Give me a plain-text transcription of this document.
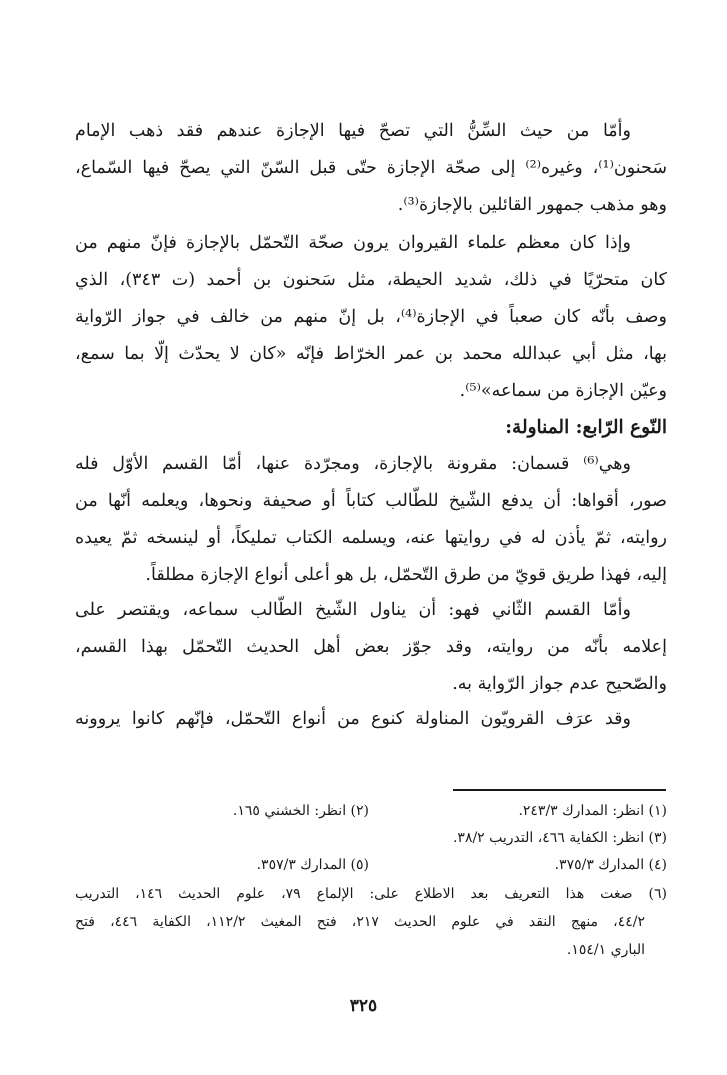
وأمّا من حيث السِّنُّ التي تصحّ فيها الإجازة عندهم فقد ذهب الإمام
سَحنون⁽¹⁾، وغيره⁽²⁾ إلى صحّة الإجازة حتّى قبل السّنّ التي يصحّ فيها السّماع،
وهو مذهب جمهور القائلين بالإجازة⁽³⁾.
وإذا كان معظم علماء القيروان يرون صحّة التّحمّل بالإجازة فإنّ منهم من
كان متحرّيًا في ذلك، شديد الحيطة، مثل سَحنون بن أحمد (ت ٣٤٣)، الذي
وصف بأنّه كان صعباً في الإجازة⁽⁴⁾، بل إنّ منهم من خالف في جواز الرّواية
بها، مثل أبي عبدالله محمد بن عمر الخرّاط فإنّه «كان لا يحدّث إلّا بما سمع،
وعيّن الإجازة من سماعه»⁽⁵⁾.
النّوع الرّابع: المناولة:
وهي⁽⁶⁾ قسمان: مقرونة بالإجازة، ومجرّدة عنها، أمّا القسم الأوّل فله
صور، أقواها: أن يدفع الشّيخ للطّالب كتاباً أو صحيفة ونحوها، ويعلمه أنّها من
روايته، ثمّ يأذن له في روايتها عنه، ويسلمه الكتاب تمليكاً، أو لينسخه ثمّ يعيده
إليه، فهذا طريق قويّ من طرق التّحمّل، بل هو أعلى أنواع الإجازة مطلقاً.
وأمّا القسم الثّاني فهو: أن يناول الشّيخ الطّالب سماعه، ويقتصر على
إعلامه بأنّه من روايته، وقد جوّز بعض أهل الحديث التّحمّل بهذا القسم،
والصّحيح عدم جواز الرّواية به.
وقد عرَف القرويّون المناولة كنوع من أنواع التّحمّل، فإنّهم كانوا يروونه
(١) انظر: المدارك ٢٤٣/٣.
(٢) انظر: الخشني ١٦٥.
(٣) انظر: الكفاية ٤٦٦، التدريب ٣٨/٢.
(٤) المدارك ٣٧٥/٣.
(٥) المدارك ٣٥٧/٣.
(٦) صغت هذا التعريف بعد الاطلاع على: الإلماع ٧٩، علوم الحديث ١٤٦، التدريب
٤٤/٢، منهج النقد في علوم الحديث ٢١٧، فتح المغيث ١١٢/٢، الكفاية ٤٤٦، فتح
الباري ١٥٤/١.
٣٢٥
